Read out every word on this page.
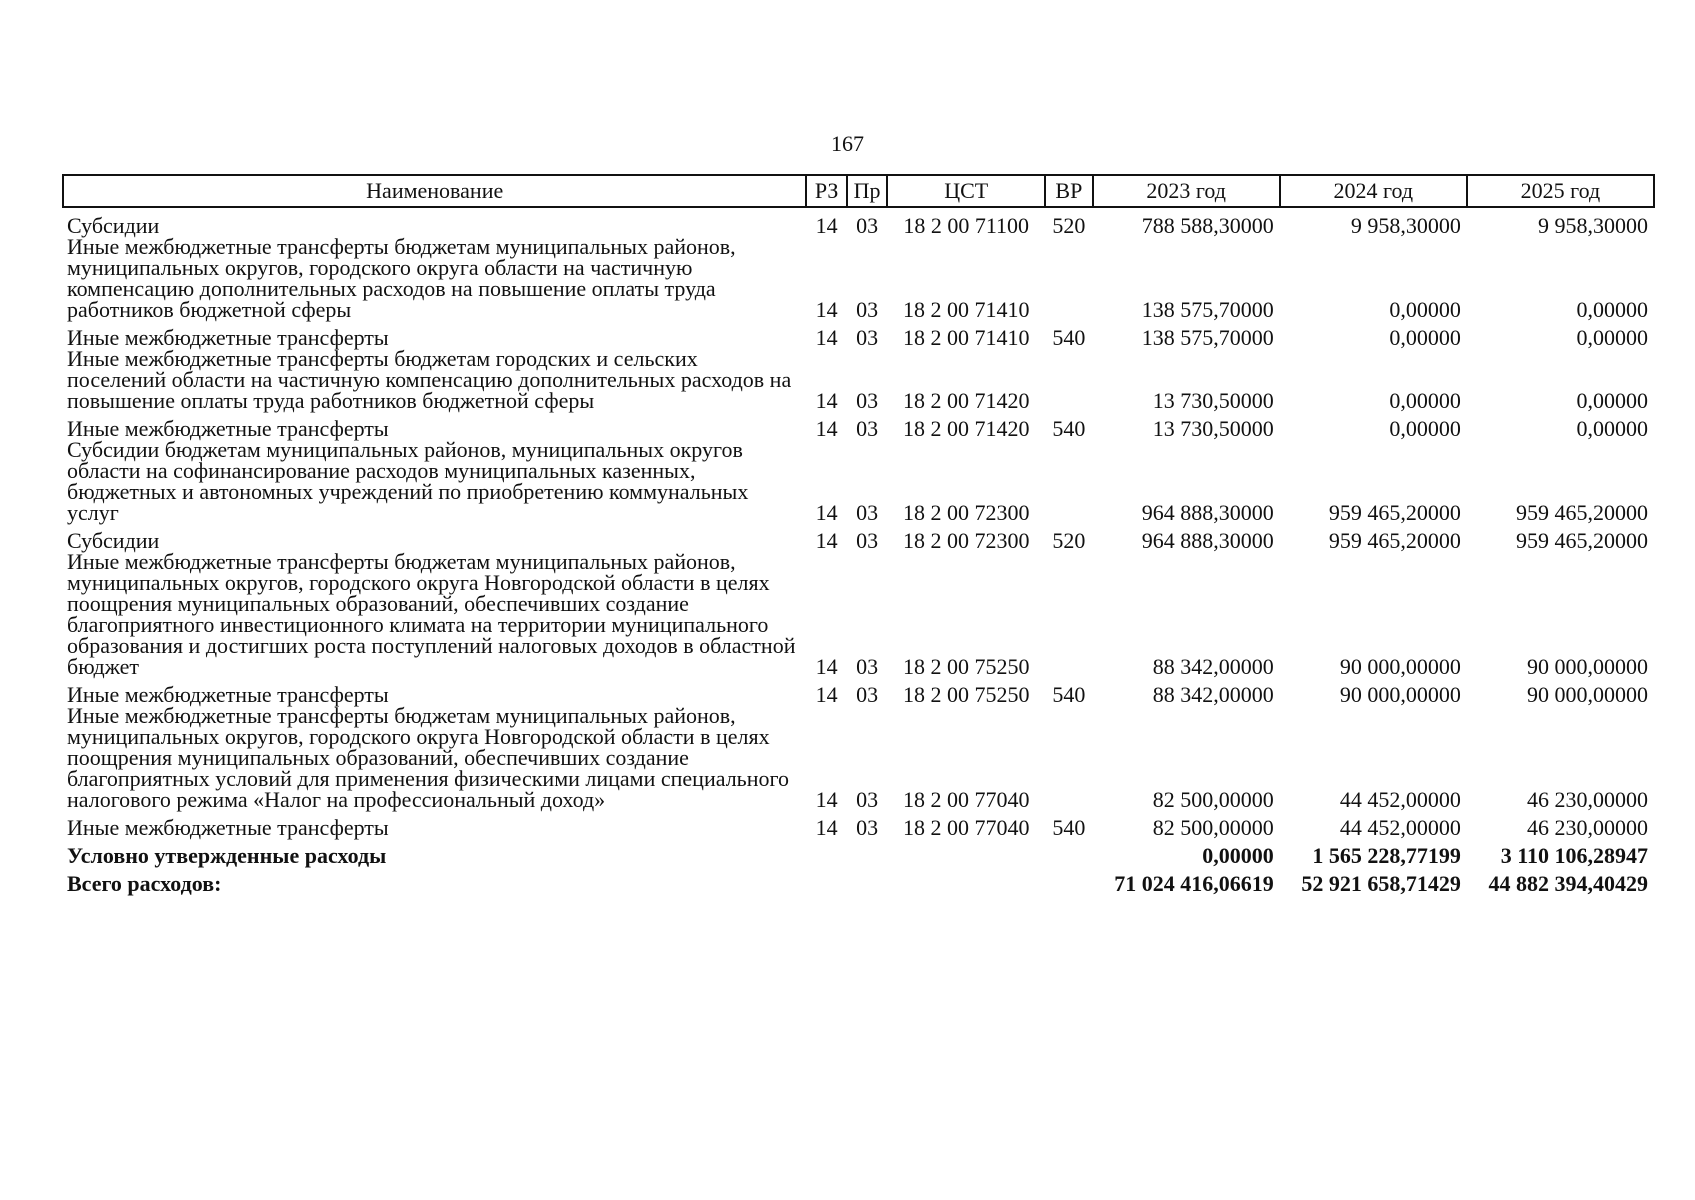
167
Наименование	РЗ	Пр	ЦСТ	ВР	2023 год	2024 год	2025 год
Субсидии	14	03	18 2 00 71100	520	788 588,30000	9 958,30000	9 958,30000
Иные межбюджетные трансферты бюджетам муниципальных районов, муниципальных округов, городского округа области на частичную компенсацию дополнительных расходов на повышение оплаты труда работников бюджетной сферы	14	03	18 2 00 71410		138 575,70000	0,00000	0,00000
Иные межбюджетные трансферты	14	03	18 2 00 71410	540	138 575,70000	0,00000	0,00000
Иные межбюджетные трансферты бюджетам городских и сельских поселений области на частичную компенсацию дополнительных расходов на повышение оплаты труда работников бюджетной сферы	14	03	18 2 00 71420		13 730,50000	0,00000	0,00000
Иные межбюджетные трансферты	14	03	18 2 00 71420	540	13 730,50000	0,00000	0,00000
Субсидии бюджетам муниципальных районов, муниципальных округов области на софинансирование расходов муниципальных казенных, бюджетных и автономных учреждений по приобретению коммунальных услуг	14	03	18 2 00 72300		964 888,30000	959 465,20000	959 465,20000
Субсидии	14	03	18 2 00 72300	520	964 888,30000	959 465,20000	959 465,20000
Иные межбюджетные трансферты бюджетам муниципальных районов, муниципальных округов, городского округа Новгородской области в целях поощрения муниципальных образований, обеспечивших создание благоприятного инвестиционного климата на территории муниципального образования и достигших роста поступлений налоговых доходов в областной бюджет	14	03	18 2 00 75250		88 342,00000	90 000,00000	90 000,00000
Иные межбюджетные трансферты	14	03	18 2 00 75250	540	88 342,00000	90 000,00000	90 000,00000
Иные межбюджетные трансферты бюджетам муниципальных районов, муниципальных округов, городского округа Новгородской области в целях поощрения муниципальных образований, обеспечивших создание благоприятных условий для применения физическими лицами специального налогового режима «Налог на профессиональный доход»	14	03	18 2 00 77040		82 500,00000	44 452,00000	46 230,00000
Иные межбюджетные трансферты	14	03	18 2 00 77040	540	82 500,00000	44 452,00000	46 230,00000
Условно утвержденные расходы					0,00000	1 565 228,77199	3 110 106,28947
Всего расходов:					71 024 416,06619	52 921 658,71429	44 882 394,40429
